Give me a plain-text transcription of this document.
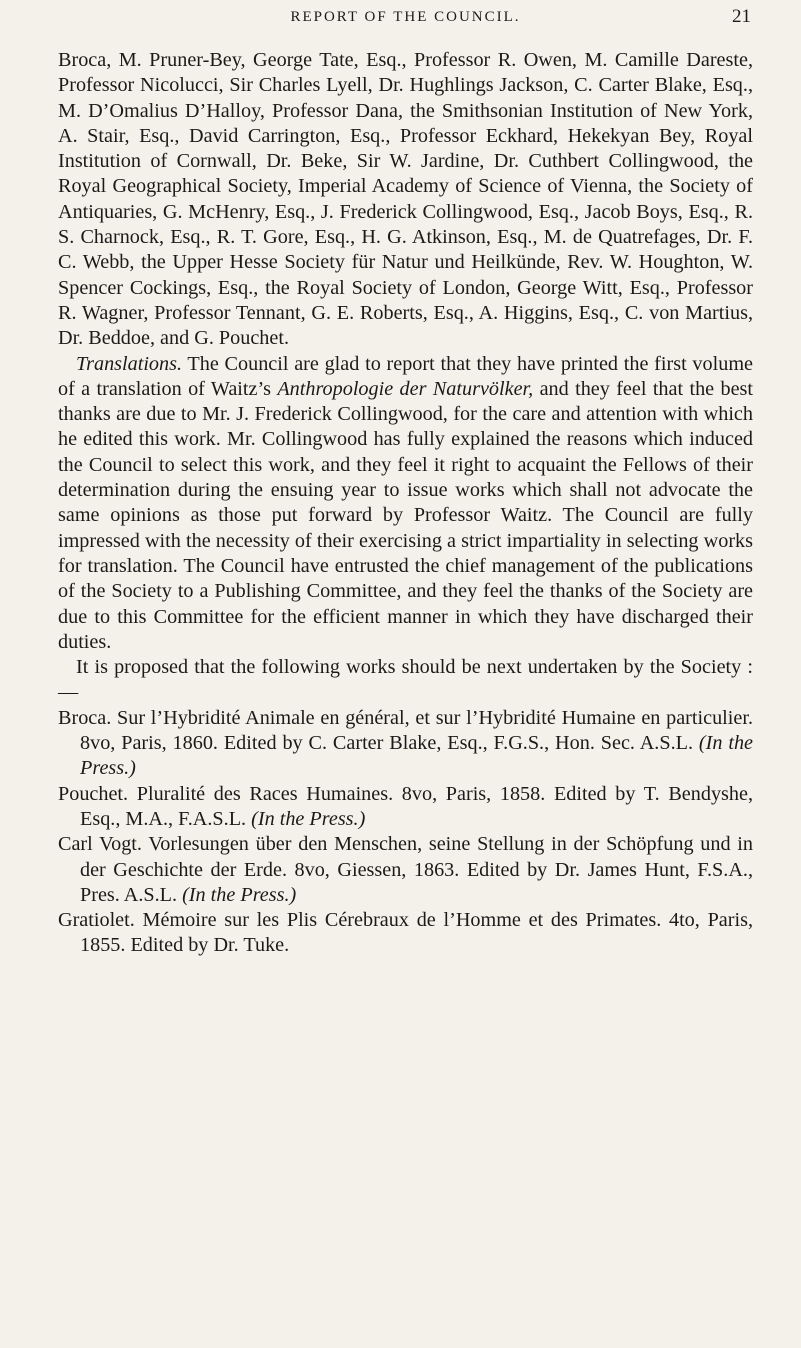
REPORT OF THE COUNCIL.	21

Broca, M. Pruner-Bey, George Tate, Esq., Professor R. Owen, M. Camille Dareste, Professor Nicolucci, Sir Charles Lyell, Dr. Hughlings Jackson, C. Carter Blake, Esq., M. D’Omalius D’Halloy, Professor Dana, the Smithsonian Institution of New York, A. Stair, Esq., David Carrington, Esq., Professor Eckhard, Hekekyan Bey, Royal Institution of Cornwall, Dr. Beke, Sir W. Jardine, Dr. Cuthbert Collingwood, the Royal Geographical Society, Imperial Academy of Science of Vienna, the Society of Antiquaries, G. McHenry, Esq., J. Frederick Collingwood, Esq., Jacob Boys, Esq., R. S. Charnock, Esq., R. T. Gore, Esq., H. G. Atkinson, Esq., M. de Quatrefages, Dr. F. C. Webb, the Upper Hesse Society für Natur und Heilkünde, Rev. W. Houghton, W. Spencer Cockings, Esq., the Royal Society of London, George Witt, Esq., Professor R. Wagner, Professor Tennant, G. E. Roberts, Esq., A. Higgins, Esq., C. von Martius, Dr. Beddoe, and G. Pouchet.

Translations. The Council are glad to report that they have printed the first volume of a translation of Waitz’s Anthropologie der Naturvölker, and they feel that the best thanks are due to Mr. J. Frederick Collingwood, for the care and attention with which he edited this work. Mr. Collingwood has fully explained the reasons which induced the Council to select this work, and they feel it right to acquaint the Fellows of their determination during the ensuing year to issue works which shall not advocate the same opinions as those put forward by Professor Waitz. The Council are fully impressed with the necessity of their exercising a strict impartiality in selecting works for translation. The Council have entrusted the chief management of the publications of the Society to a Publishing Committee, and they feel the thanks of the Society are due to this Committee for the efficient manner in which they have discharged their duties.

It is proposed that the following works should be next undertaken by the Society :—

Broca. Sur l’Hybridité Animale en général, et sur l’Hybridité Humaine en particulier. 8vo, Paris, 1860. Edited by C. Carter Blake, Esq., F.G.S., Hon. Sec. A.S.L. (In the Press.)
Pouchet. Pluralité des Races Humaines. 8vo, Paris, 1858. Edited by T. Bendyshe, Esq., M.A., F.A.S.L. (In the Press.)
Carl Vogt. Vorlesungen über den Menschen, seine Stellung in der Schöpfung und in der Geschichte der Erde. 8vo, Giessen, 1863. Edited by Dr. James Hunt, F.S.A., Pres. A.S.L. (In the Press.)
Gratiolet. Mémoire sur les Plis Cérebraux de l’Homme et des Primates. 4to, Paris, 1855. Edited by Dr. Tuke.
